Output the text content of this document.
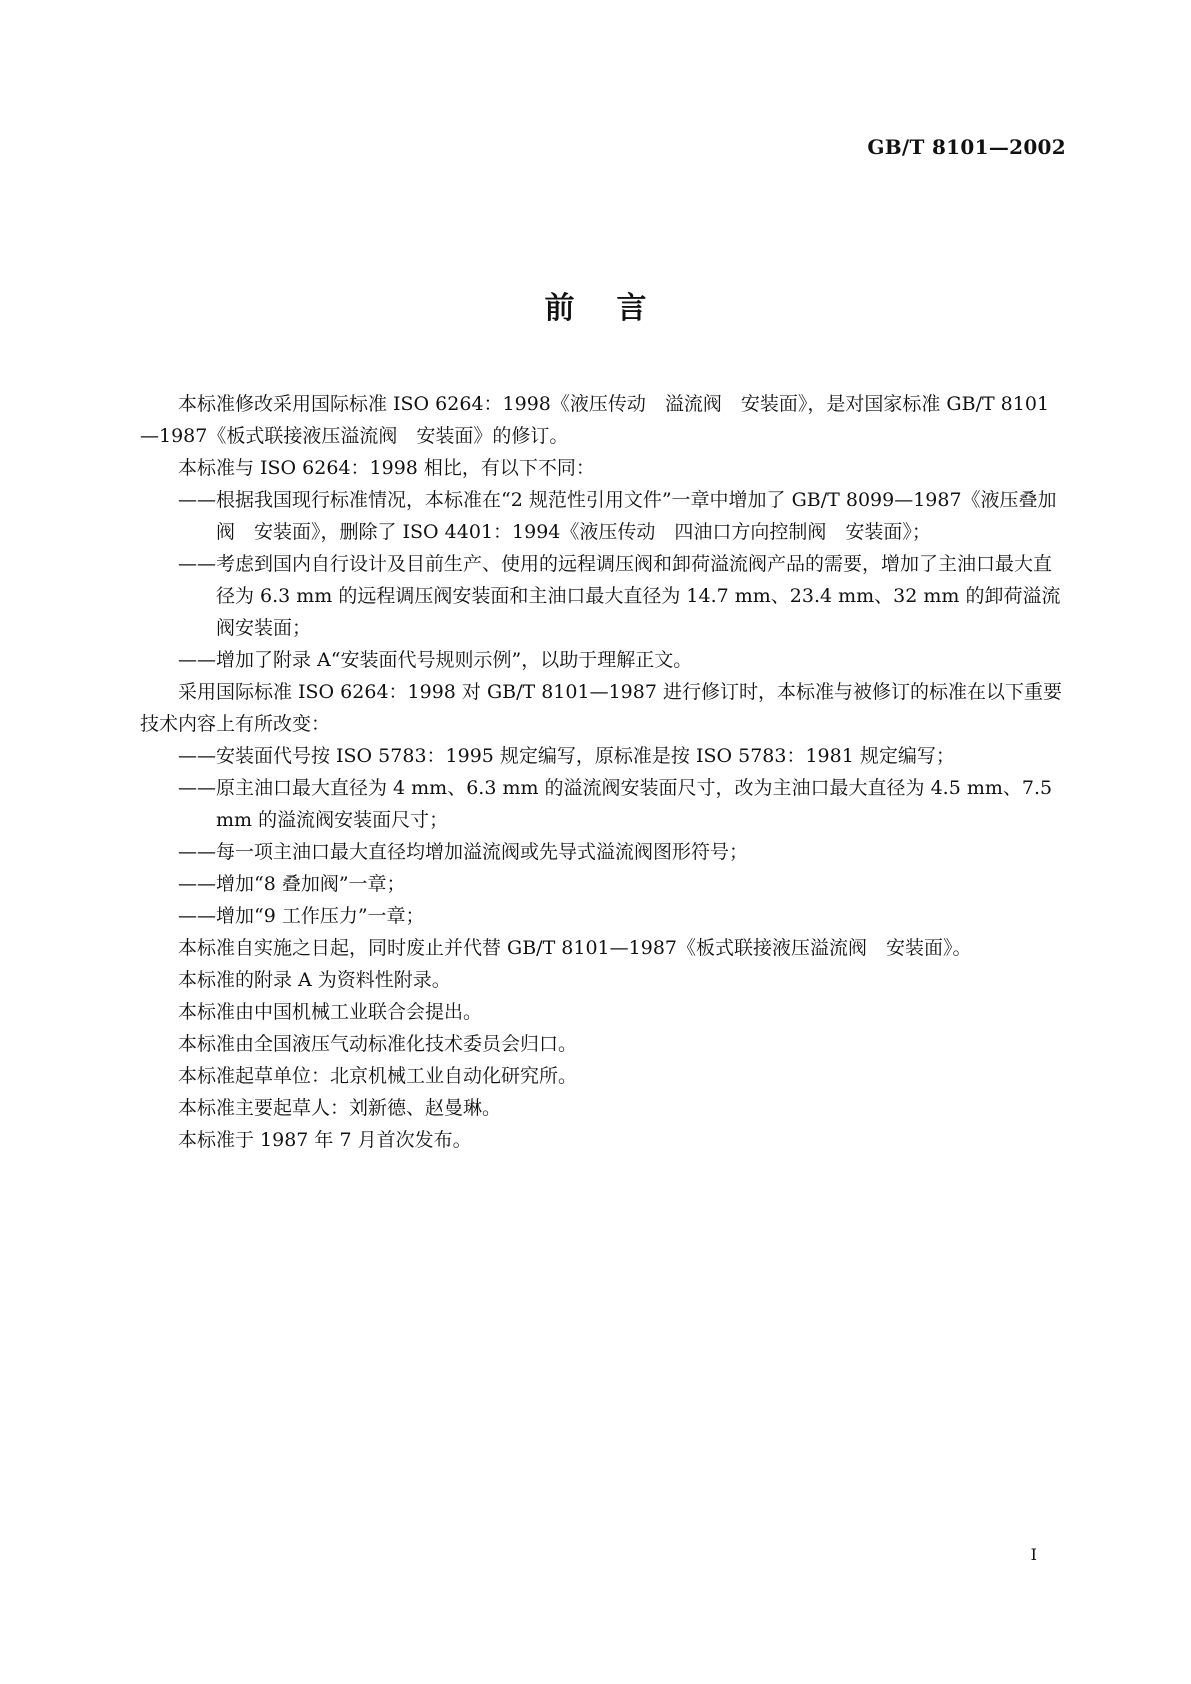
GB/T 8101—2002
前言

本标准修改采用国际标准 ISO 6264：1998《液压传动　溢流阀　安装面》，是对国家标准 GB/T 8101—1987《板式联接液压溢流阀　安装面》的修订。

本标准与 ISO 6264：1998 相比，有以下不同：

——根据我国现行标准情况，本标准在“2 规范性引用文件”一章中增加了 GB/T 8099—1987《液压叠加阀　安装面》，删除了 ISO 4401：1994《液压传动　四油口方向控制阀　安装面》；

——考虑到国内自行设计及目前生产、使用的远程调压阀和卸荷溢流阀产品的需要，增加了主油口最大直径为 6.3 mm 的远程调压阀安装面和主油口最大直径为 14.7 mm、23.4 mm、32 mm 的卸荷溢流阀安装面；

——增加了附录 A“安装面代号规则示例”，以助于理解正文。

采用国际标准 ISO 6264：1998 对 GB/T 8101—1987 进行修订时，本标准与被修订的标准在以下重要技术内容上有所改变：

——安装面代号按 ISO 5783：1995 规定编写，原标准是按 ISO 5783：1981 规定编写；

——原主油口最大直径为 4 mm、6.3 mm 的溢流阀安装面尺寸，改为主油口最大直径为 4.5 mm、7.5 mm 的溢流阀安装面尺寸；

——每一项主油口最大直径均增加溢流阀或先导式溢流阀图形符号；

——增加“8 叠加阀”一章；

——增加“9 工作压力”一章；

本标准自实施之日起，同时废止并代替 GB/T 8101—1987《板式联接液压溢流阀　安装面》。

本标准的附录 A 为资料性附录。

本标准由中国机械工业联合会提出。

本标准由全国液压气动标准化技术委员会归口。

本标准起草单位：北京机械工业自动化研究所。

本标准主要起草人：刘新德、赵曼琳。

本标准于 1987 年 7 月首次发布。

I
